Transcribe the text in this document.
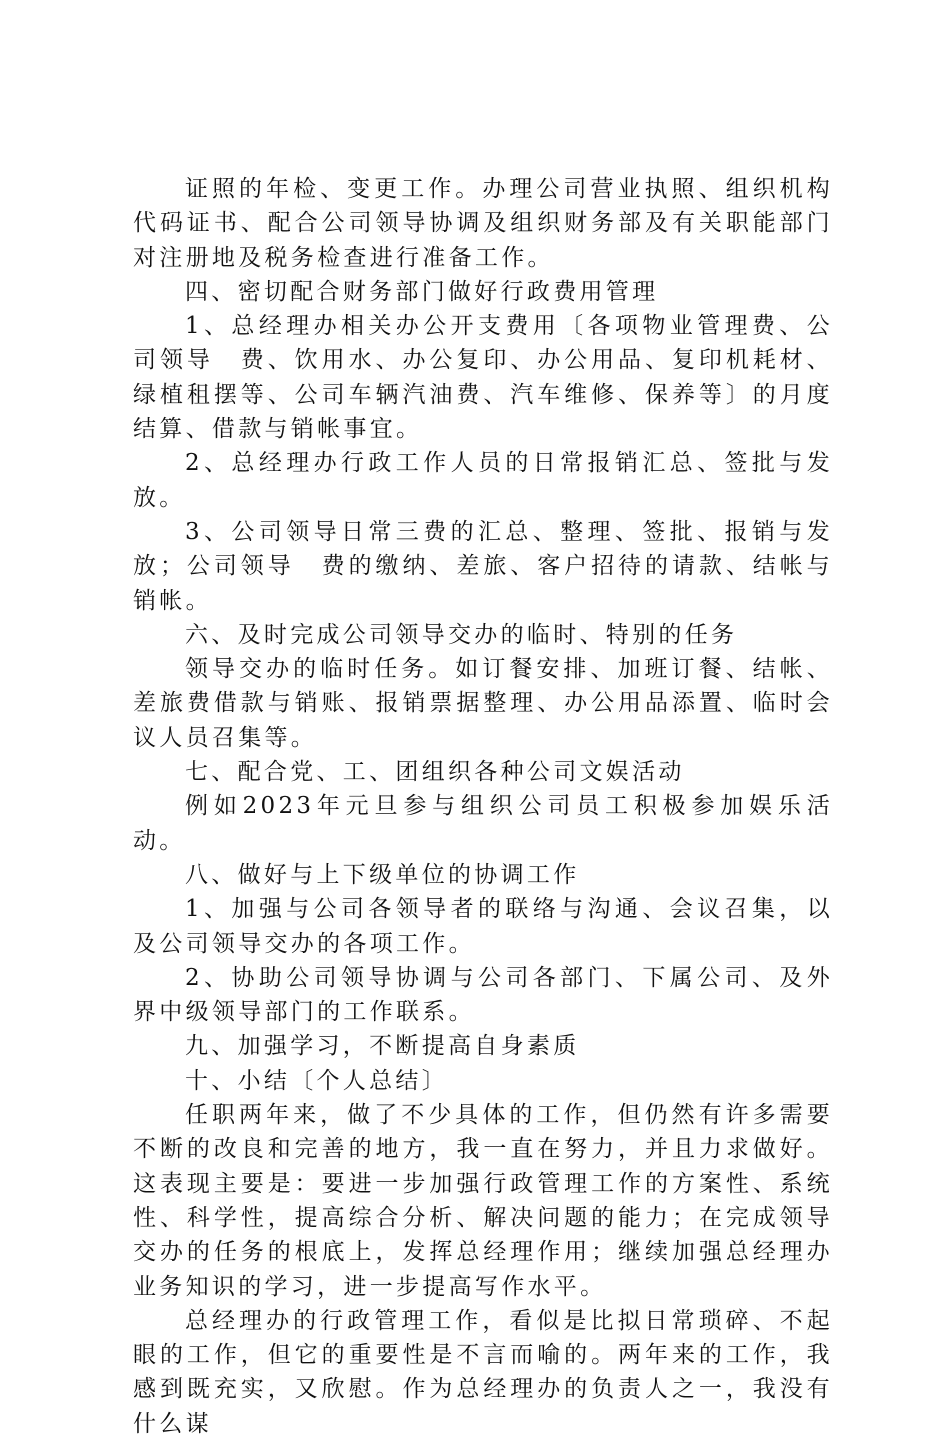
证照的年检、变更工作。办理公司营业执照、组织机构代码证书、配合公司领导协调及组织财务部及有关职能部门对注册地及税务检查进行准备工作。

四、密切配合财务部门做好行政费用管理

1、总经理办相关办公开支费用〔各项物业管理费、公司领导　费、饮用水、办公复印、办公用品、复印机耗材、绿植租摆等、公司车辆汽油费、汽车维修、保养等〕的月度结算、借款与销帐事宜。

2、总经理办行政工作人员的日常报销汇总、签批与发放。

3、公司领导日常三费的汇总、整理、签批、报销与发放；公司领导　费的缴纳、差旅、客户招待的请款、结帐与销帐。

六、及时完成公司领导交办的临时、特别的任务

领导交办的临时任务。如订餐安排、加班订餐、结帐、差旅费借款与销账、报销票据整理、办公用品添置、临时会议人员召集等。

七、配合党、工、团组织各种公司文娱活动

例如2023年元旦参与组织公司员工积极参加娱乐活动。

八、做好与上下级单位的协调工作

1、加强与公司各领导者的联络与沟通、会议召集，以及公司领导交办的各项工作。

2、协助公司领导协调与公司各部门、下属公司、及外界中级领导部门的工作联系。

九、加强学习，不断提高自身素质

十、小结〔个人总结〕

任职两年来，做了不少具体的工作，但仍然有许多需要不断的改良和完善的地方，我一直在努力，并且力求做好。这表现主要是：要进一步加强行政管理工作的方案性、系统性、科学性，提高综合分析、解决问题的能力；在完成领导交办的任务的根底上，发挥总经理作用；继续加强总经理办业务知识的学习，进一步提高写作水平。

总经理办的行政管理工作，看似是比拟日常琐碎、不起眼的工作，但它的重要性是不言而喻的。两年来的工作，我感到既充实，又欣慰。作为总经理办的负责人之一，我没有什么谋
